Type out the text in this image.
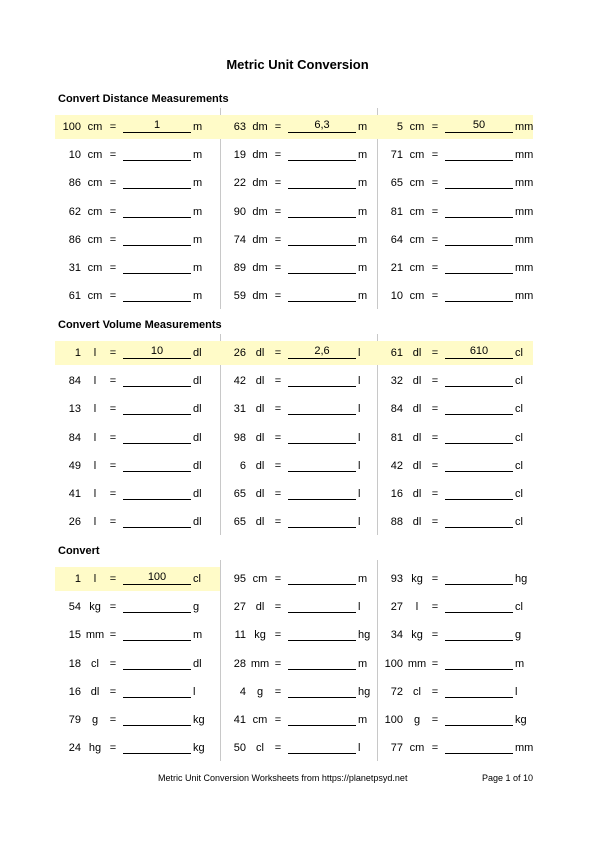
Metric Unit Conversion
Convert Distance Measurements
100 cm =	1	m	63 dm =	6,3	m	5 cm =	50	mm
10 cm =	m	19 dm =	m	71 cm =	mm
86 cm =	m	22 dm =	m	65 cm =	mm
62 cm =	m	90 dm =	m	81 cm =	mm
86 cm =	m	74 dm =	m	64 cm =	mm
31 cm =	m	89 dm =	m	21 cm =	mm
61 cm =	m	59 dm =	m	10 cm =	mm
Convert Volume Measurements
1	l	=	10	dl	26 dl =	2,6	l	61 dl =	610	cl
84	l	=	dl	42 dl =	l	32 dl =	cl
13	l	=	dl	31 dl =	l	84 dl =	cl
84	l	=	dl	98 dl =	l	81 dl =	cl
49	l	=	dl	6 dl =	l	42 dl =	cl
41	l	=	dl	65 dl =	l	16 dl =	cl
26	l	=	dl	65 dl =	l	88 dl =	cl
Convert
1	l	=	100	cl	95 cm =	m	93 kg =	hg
54 kg =	g	27 dl =	l	27	l	=	cl
15 mm =	m	11 kg =	hg	34 kg =	g
18 cl =	dl	28 mm =	m	100 mm =	m
16 dl =	l	4 g	=	hg	72 cl =	l
79 g	=	kg	41 cm =	m	100 g	=	kg
24 hg =	kg	50 cl =	l	77 cm =	mm
Metric Unit Conversion Worksheets from https://planetpsyd.net	Page 1 of 10
